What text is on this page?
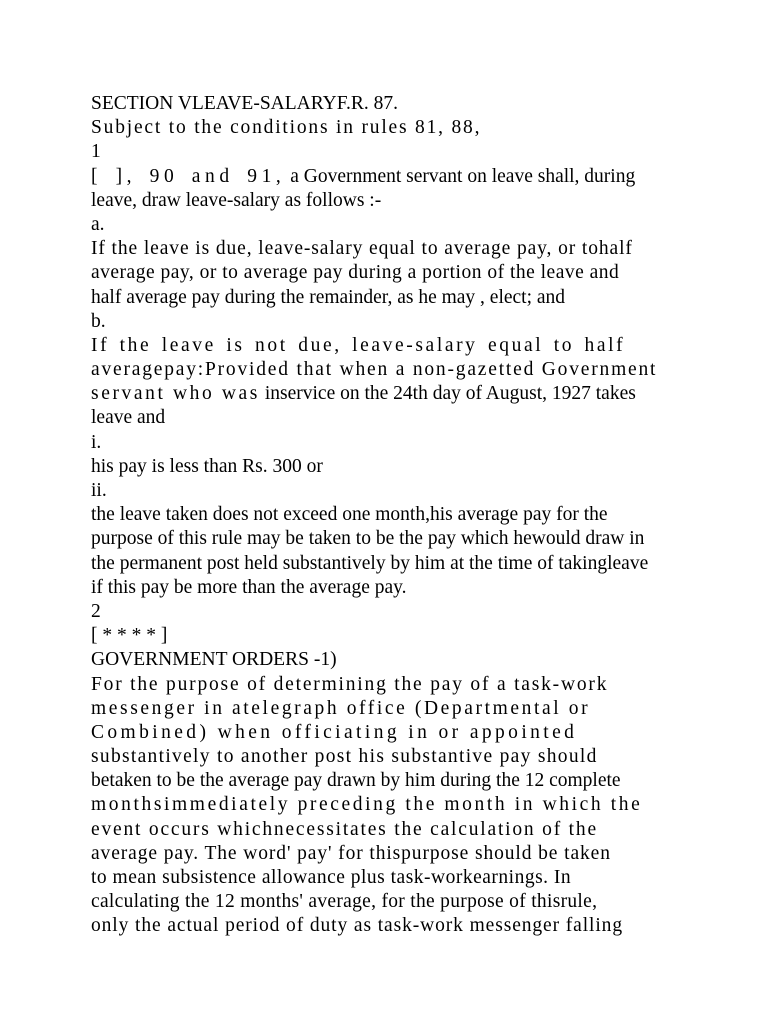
SECTION VLEAVE-SALARYF.R. 87.
Subject to the conditions in rules 81, 88,
1
[ ], 90 and 91, a Government servant on leave shall, during
leave, draw leave-salary as follows :-
a.
If the leave is due, leave-salary equal to average pay, or tohalf
average pay, or to average pay during a portion of the leave and
half average pay during the remainder, as he may , elect; and
b.
If the leave is not due, leave-salary equal to half
averagepay:Provided that when a non-gazetted Government
servant who was inservice on the 24th day of August, 1927 takes
leave and
i.
his pay is less than Rs. 300 or
ii.
the leave taken does not exceed one month,his average pay for the
purpose of this rule may be taken to be the pay which hewould draw in
the permanent post held substantively by him at the time of takingleave
if this pay be more than the average pay.
2
[ * * * * ]
GOVERNMENT ORDERS -1)
For the purpose of determining the pay of a task-work
messenger in atelegraph office (Departmental or
Combined) when officiating in or appointed
substantively to another post his substantive pay should
betaken to be the average pay drawn by him during the 12 complete
monthsimmediately preceding the month in which the
event occurs whichnecessitates the calculation of the
average pay. The word' pay' for thispurpose should be taken
to mean subsistence allowance plus task-workearnings. In
calculating the 12 months' average, for the purpose of thisrule,
only the actual period of duty as task-work messenger falling
